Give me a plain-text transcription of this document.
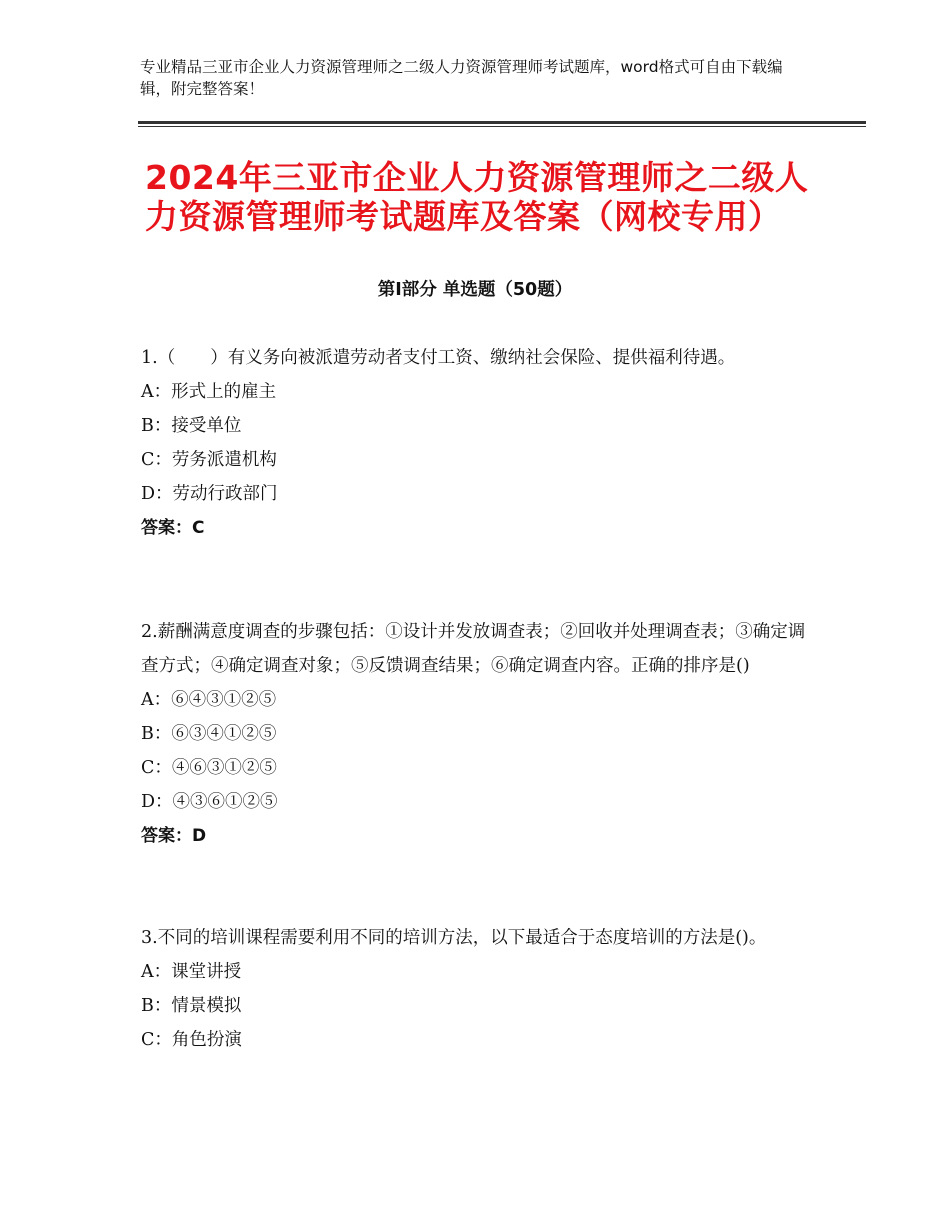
专业精品三亚市企业人力资源管理师之二级人力资源管理师考试题库，word格式可自由下载编辑，附完整答案！
2024年三亚市企业人力资源管理师之二级人力资源管理师考试题库及答案（网校专用）
第Ⅰ部分 单选题（50题）

1.（　　）有义务向被派遣劳动者支付工资、缴纳社会保险、提供福利待遇。

A：形式上的雇主

B：接受单位

C：劳务派遣机构

D：劳动行政部门

答案：C

2.薪酬满意度调查的步骤包括：①设计并发放调查表；②回收并处理调查表；③确定调查方式；④确定调查对象；⑤反馈调查结果；⑥确定调查内容。正确的排序是()

A：⑥④③①②⑤

B：⑥③④①②⑤

C：④⑥③①②⑤

D：④③⑥①②⑤

答案：D

3.不同的培训课程需要利用不同的培训方法，以下最适合于态度培训的方法是()。

A：课堂讲授

B：情景模拟

C：角色扮演
